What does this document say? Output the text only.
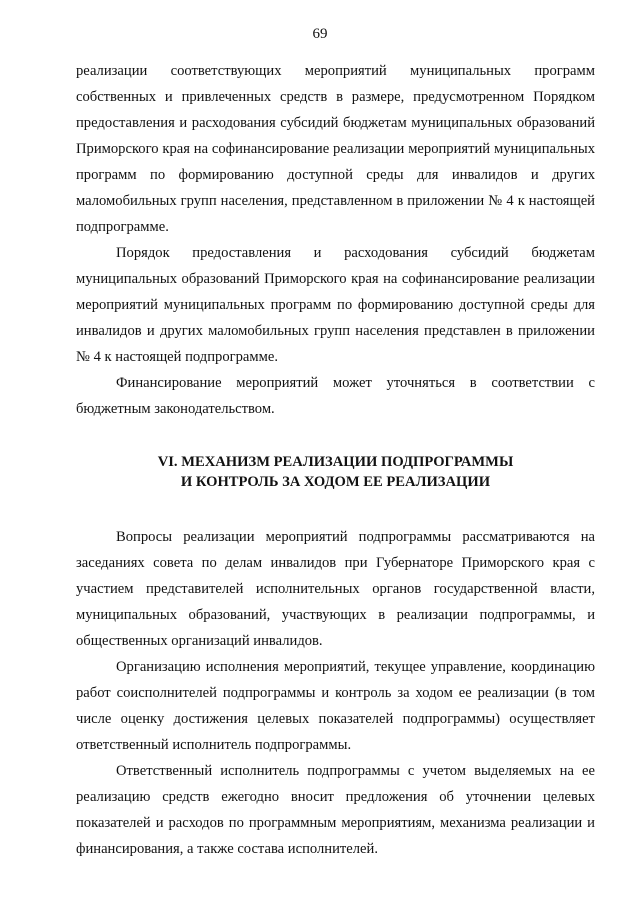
69

реализации соответствующих мероприятий муниципальных программ собственных и привлеченных средств в размере, предусмотренном Порядком предоставления и расходования субсидий бюджетам муниципальных образований Приморского края на софинансирование реализации мероприятий муниципальных программ по формированию доступной среды для инвалидов и других маломобильных групп населения, представленном в приложении № 4 к настоящей подпрограмме.

Порядок предоставления и расходования субсидий бюджетам муниципальных образований Приморского края на софинансирование реализации мероприятий муниципальных программ по формированию доступной среды для инвалидов и других маломобильных групп населения представлен в приложении № 4 к настоящей подпрограмме.

Финансирование мероприятий может уточняться в соответствии с бюджетным законодательством.

VI. МЕХАНИЗМ РЕАЛИЗАЦИИ ПОДПРОГРАММЫ
И КОНТРОЛЬ ЗА ХОДОМ ЕЕ РЕАЛИЗАЦИИ

Вопросы реализации мероприятий подпрограммы рассматриваются на заседаниях совета по делам инвалидов при Губернаторе Приморского края с участием представителей исполнительных органов государственной власти, муниципальных образований, участвующих в реализации подпрограммы, и общественных организаций инвалидов.

Организацию исполнения мероприятий, текущее управление, координацию работ соисполнителей подпрограммы и контроль за ходом ее реализации (в том числе оценку достижения целевых показателей подпрограммы) осуществляет ответственный исполнитель подпрограммы.

Ответственный исполнитель подпрограммы с учетом выделяемых на ее реализацию средств ежегодно вносит предложения об уточнении целевых показателей и расходов по программным мероприятиям, механизма реализации и финансирования, а также состава исполнителей.
